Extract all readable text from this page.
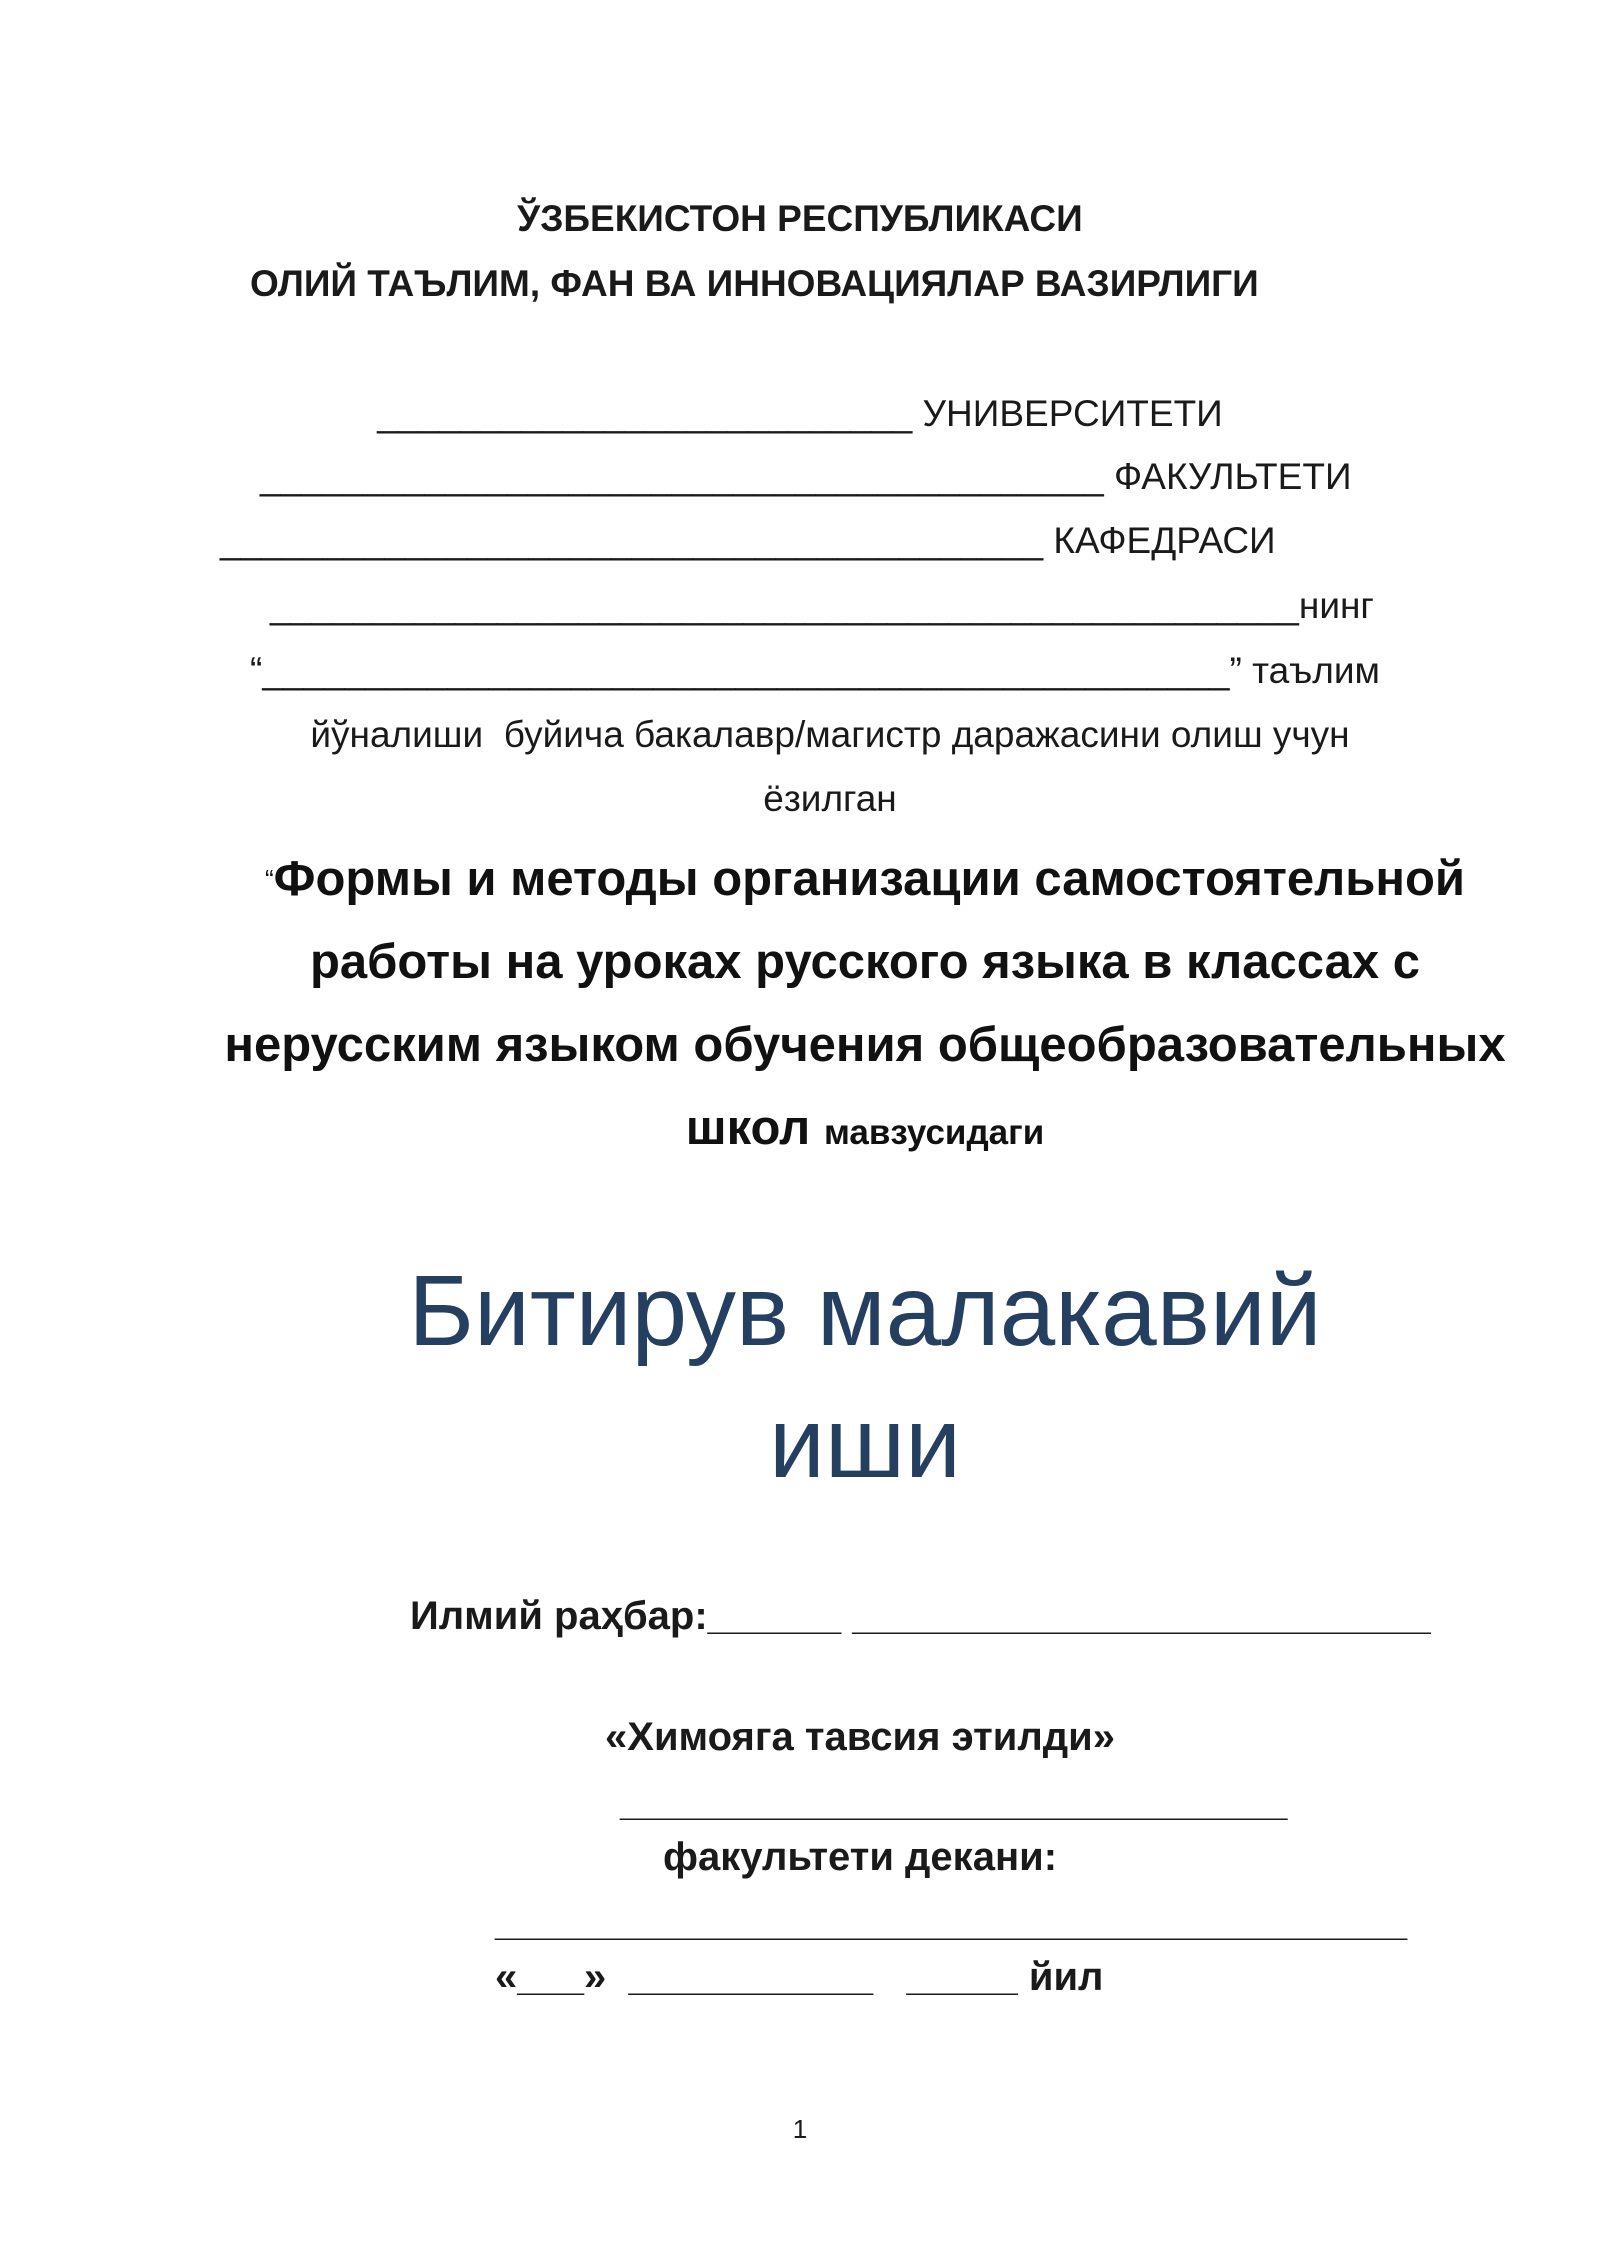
ЎЗБЕКИСТОН РЕСПУБЛИКАСИ
ОЛИЙ ТАЪЛИМ, ФАН ВА ИННОВАЦИЯЛАР ВАЗИРЛИГИ
__________________________ УНИВЕРСИТЕТИ
_________________________________________ ФАКУЛЬТЕТИ
________________________________________ КАФЕДРАСИ
__________________________________________________нинг
“_______________________________________________” таълим
йўналиши  буйича бакалавр/магистр даражасини олиш учун
ёзилган
“Формы и методы организации самостоятельной работы на уроках русского языка в классах с нерусским языком обучения общеобразовательных школ мавзусидаги
Битирув малакавий
иши
Илмий раҳбар:______ __________________________
«Химояга тавсия этилди»
______________________________
факультети декани:
_________________________________________
«___»  ___________   _____ йил
1
